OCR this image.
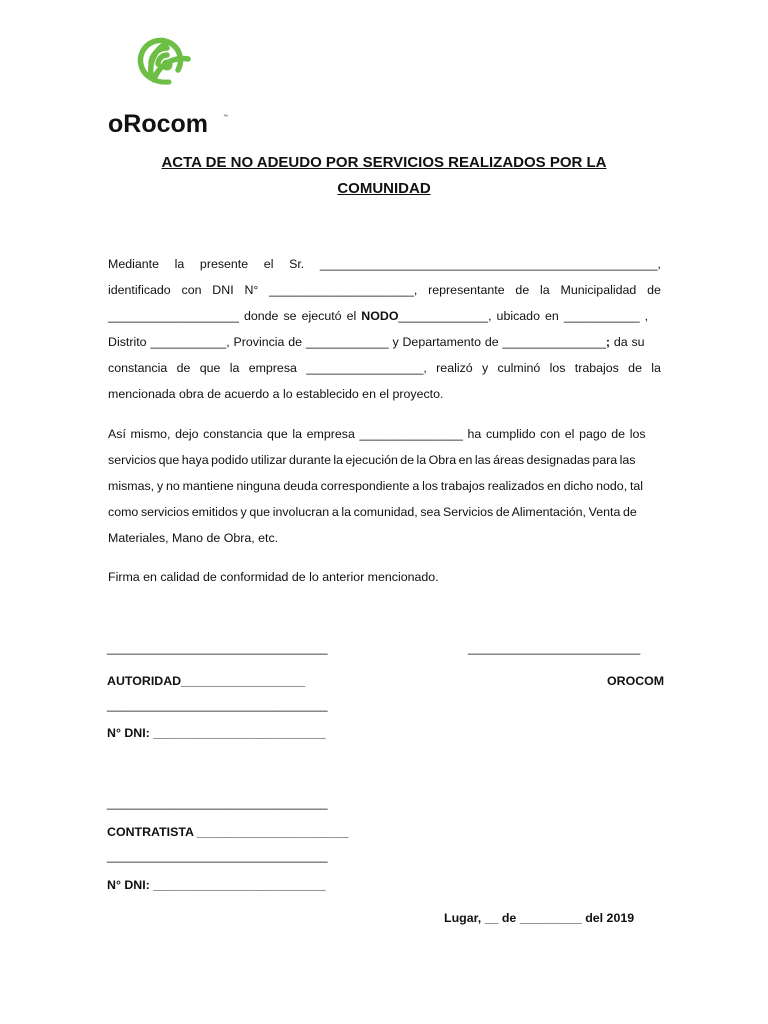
oRocom	™
ACTA DE NO ADEUDO POR SERVICIOS REALIZADOS POR LA
COMUNIDAD
Mediante la presente el Sr. _________________________________________________,
identificado con DNI N° _____________________, representante de la Municipalidad de
___________________ donde se ejecutó el NODO_____________, ubicado en ___________ ,
Distrito ___________, Provincia de ____________ y Departamento de _______________; da su
constancia de que la empresa _________________, realizó y culminó los trabajos de la
mencionada obra de acuerdo a lo establecido en el proyecto.
Así mismo, dejo constancia que la empresa _______________ ha cumplido con el pago de los
servicios que haya podido utilizar durante la ejecución de la Obra en las áreas designadas para las
mismas, y no mantiene ninguna deuda correspondiente a los trabajos realizados en dicho nodo, tal
como servicios emitidos y que involucran a la comunidad, sea Servicios de Alimentación, Venta de
Materiales, Mano de Obra, etc.
Firma en calidad de conformidad de lo anterior mencionado.
________________________________	_________________________
AUTORIDAD__________________	OROCOM
________________________________
N° DNI: _________________________
________________________________
CONTRATISTA ______________________
________________________________
N° DNI: _________________________
Lugar, __ de _________ del 2019
